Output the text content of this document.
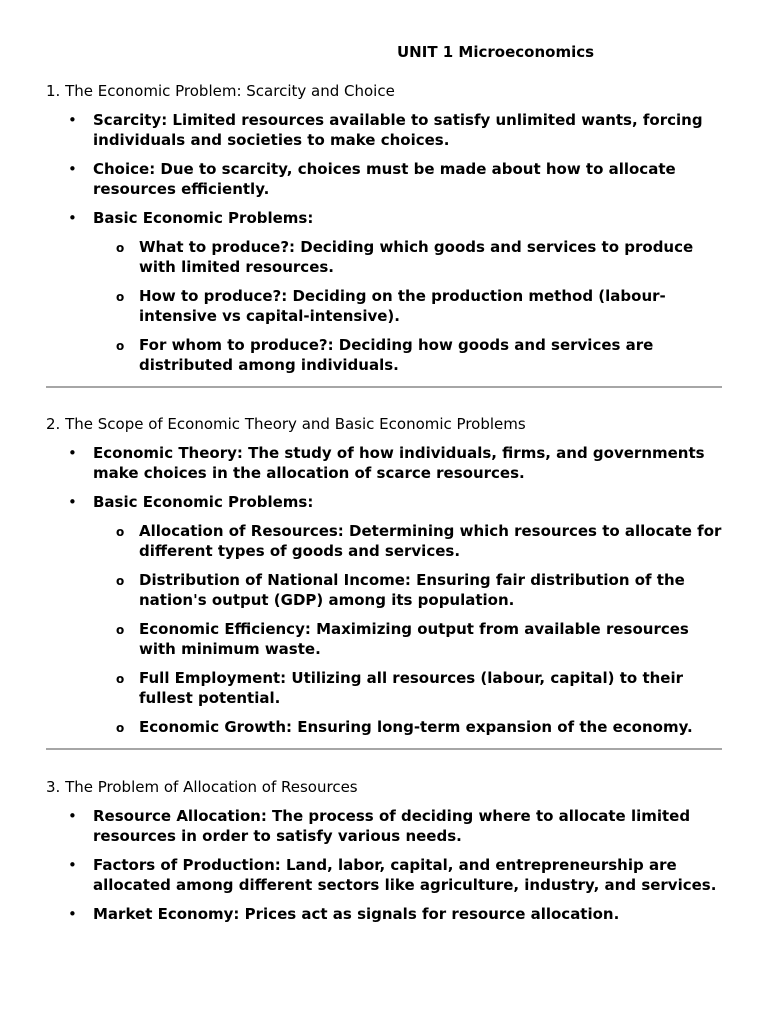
UNIT 1 Microeconomics
1. The Economic Problem: Scarcity and Choice
• Scarcity: Limited resources available to satisfy unlimited wants, forcing individuals and societies to make choices.
• Choice: Due to scarcity, choices must be made about how to allocate resources efficiently.
• Basic Economic Problems:
o What to produce?: Deciding which goods and services to produce with limited resources.
o How to produce?: Deciding on the production method (labour-intensive vs capital-intensive).
o For whom to produce?: Deciding how goods and services are distributed among individuals.
2. The Scope of Economic Theory and Basic Economic Problems
• Economic Theory: The study of how individuals, firms, and governments make choices in the allocation of scarce resources.
• Basic Economic Problems:
o Allocation of Resources: Determining which resources to allocate for different types of goods and services.
o Distribution of National Income: Ensuring fair distribution of the nation's output (GDP) among its population.
o Economic Efficiency: Maximizing output from available resources with minimum waste.
o Full Employment: Utilizing all resources (labour, capital) to their fullest potential.
o Economic Growth: Ensuring long-term expansion of the economy.
3. The Problem of Allocation of Resources
• Resource Allocation: The process of deciding where to allocate limited resources in order to satisfy various needs.
• Factors of Production: Land, labor, capital, and entrepreneurship are allocated among different sectors like agriculture, industry, and services.
• Market Economy: Prices act as signals for resource allocation.
